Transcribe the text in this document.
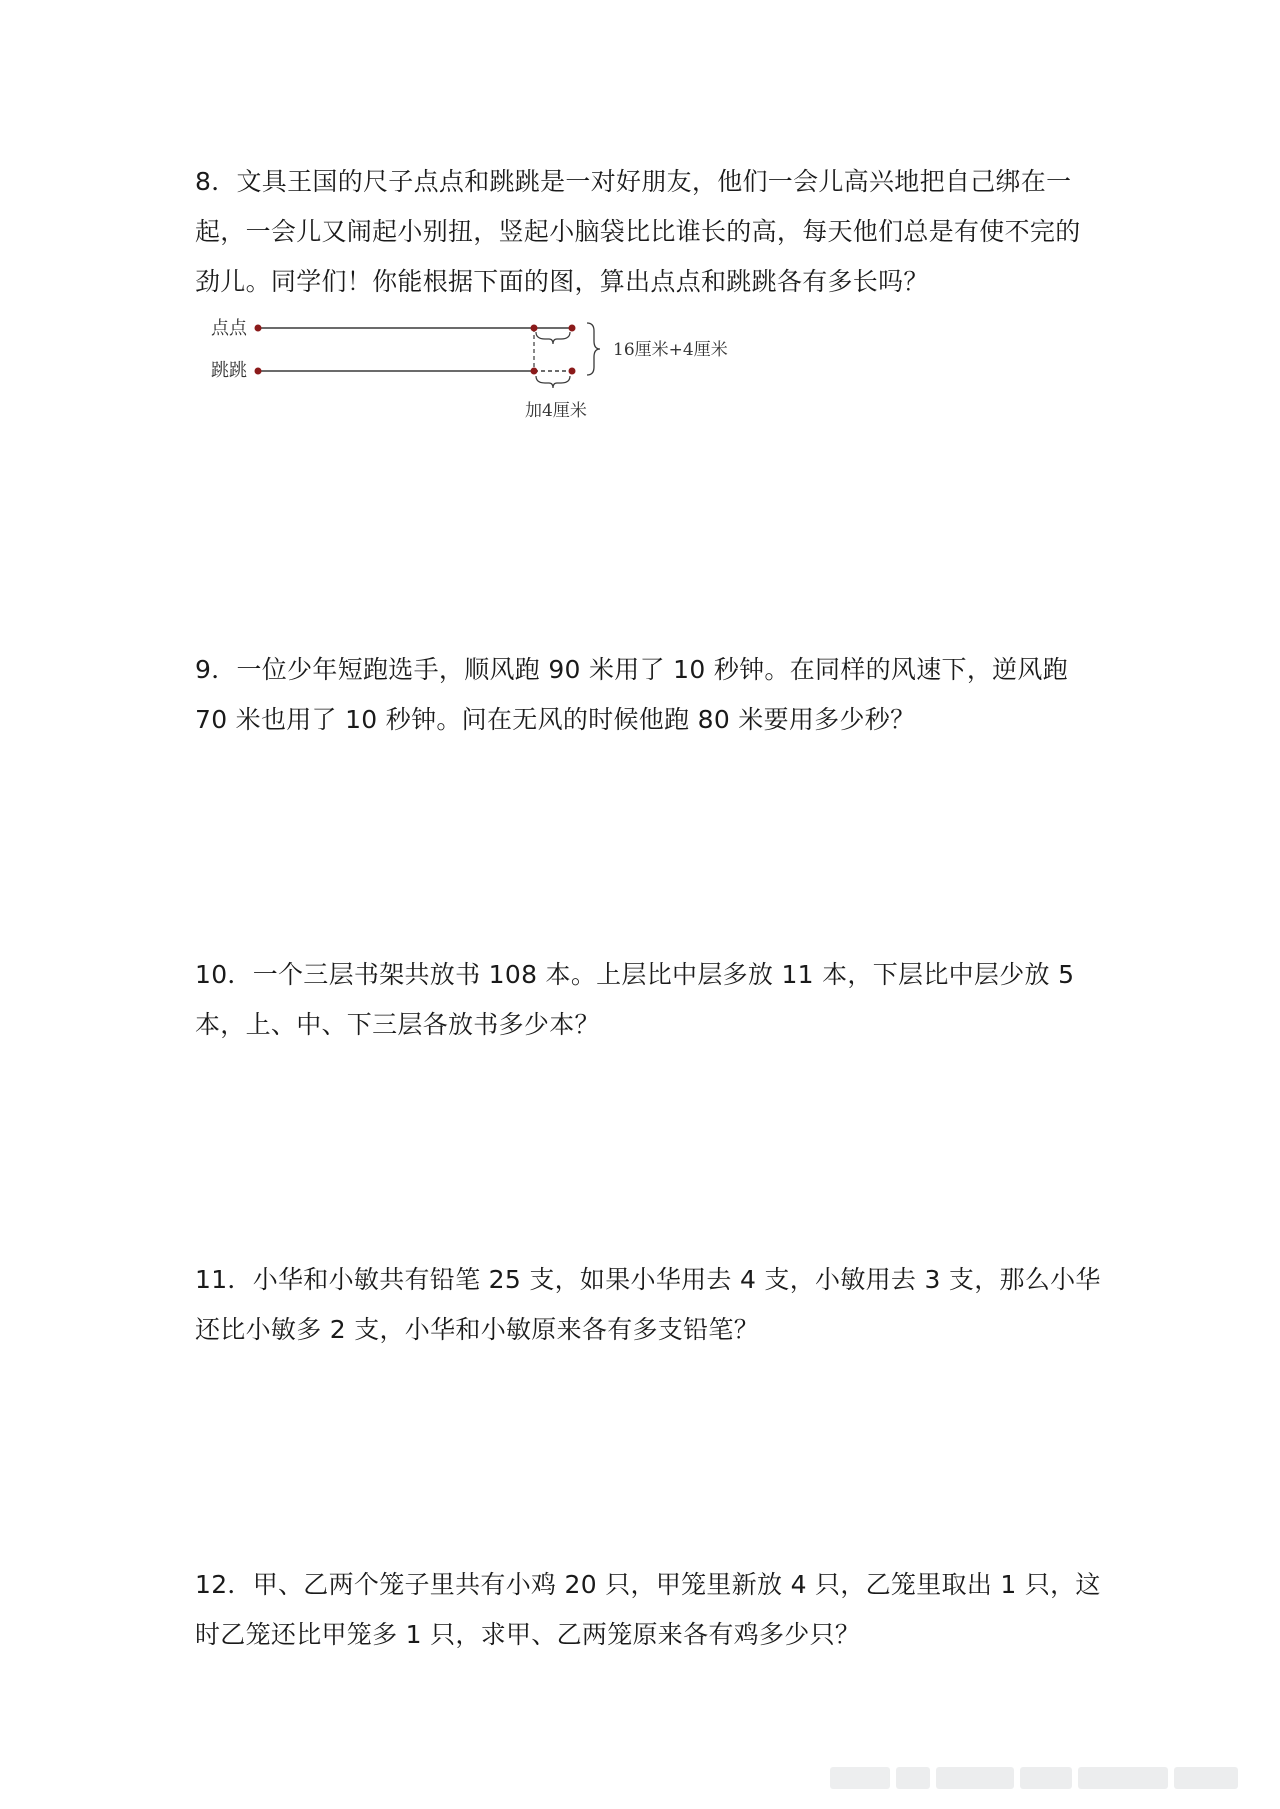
8．文具王国的尺子点点和跳跳是一对好朋友，他们一会儿高兴地把自己绑在一
起，一会儿又闹起小别扭，竖起小脑袋比比谁长的高，每天他们总是有使不完的
劲儿。同学们！你能根据下面的图，算出点点和跳跳各有多长吗？
点点
跳跳
加4厘米
16厘米+4厘米
9．一位少年短跑选手，顺风跑 90 米用了 10 秒钟。在同样的风速下，逆风跑
70 米也用了 10 秒钟。问在无风的时候他跑 80 米要用多少秒？
10．一个三层书架共放书 108 本。上层比中层多放 11 本，下层比中层少放 5
本，上、中、下三层各放书多少本？
11．小华和小敏共有铅笔 25 支，如果小华用去 4 支，小敏用去 3 支，那么小华
还比小敏多 2 支，小华和小敏原来各有多支铅笔？
12．甲、乙两个笼子里共有小鸡 20 只，甲笼里新放 4 只，乙笼里取出 1 只，这
时乙笼还比甲笼多 1 只，求甲、乙两笼原来各有鸡多少只？
